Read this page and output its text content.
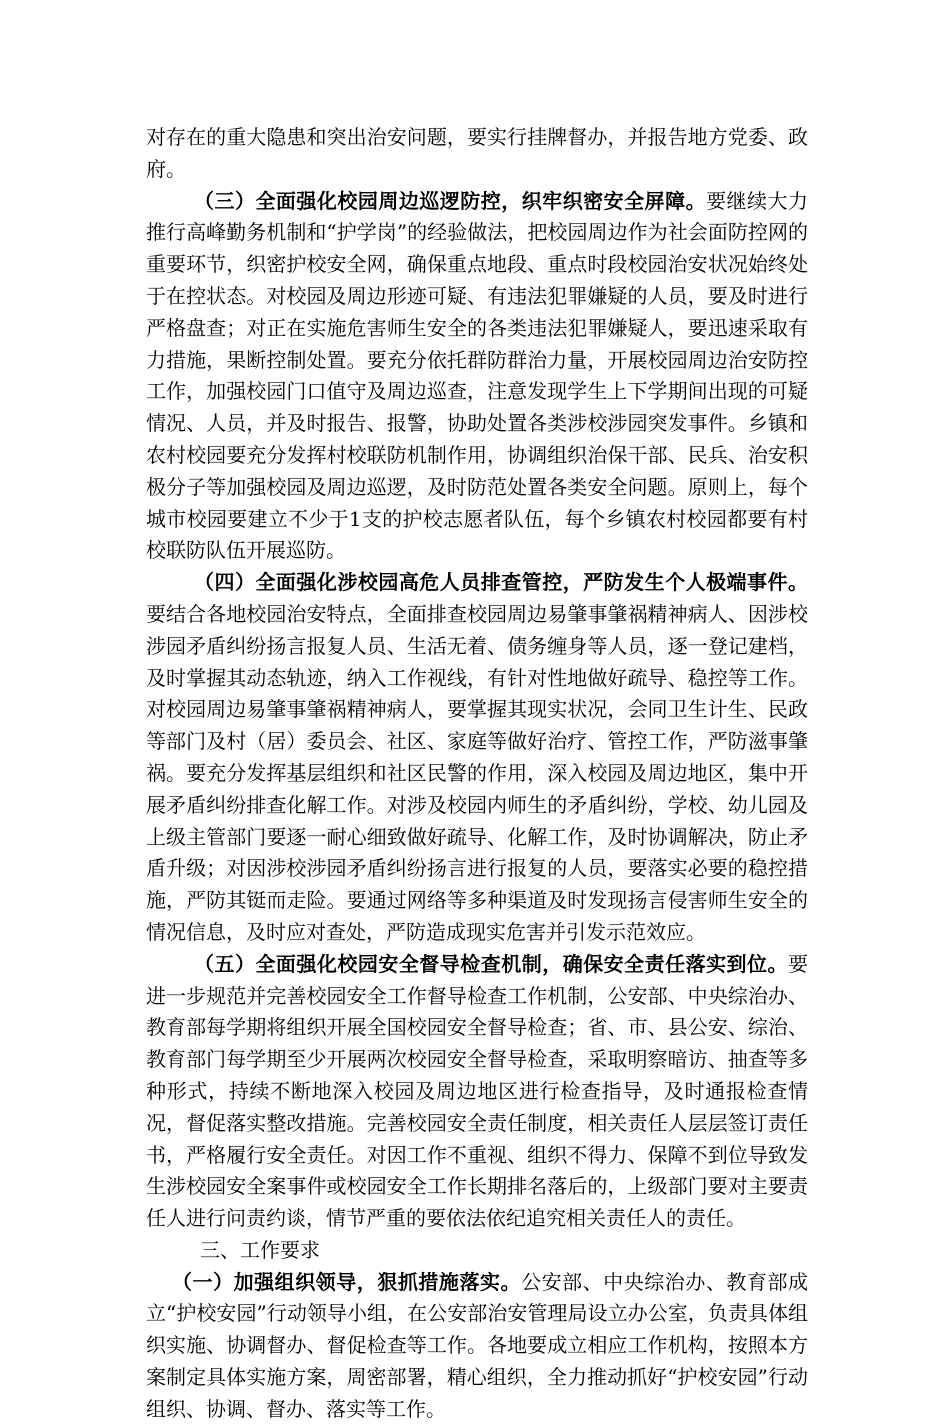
对存在的重大隐患和突出治安问题，要实行挂牌督办，并报告地方党委、政府。

（三）全面强化校园周边巡逻防控，织牢织密安全屏障。要继续大力推行高峰勤务机制和“护学岗”的经验做法，把校园周边作为社会面防控网的重要环节，织密护校安全网，确保重点地段、重点时段校园治安状况始终处于在控状态。对校园及周边形迹可疑、有违法犯罪嫌疑的人员，要及时进行严格盘查；对正在实施危害师生安全的各类违法犯罪嫌疑人，要迅速采取有力措施，果断控制处置。要充分依托群防群治力量，开展校园周边治安防控工作，加强校园门口值守及周边巡查，注意发现学生上下学期间出现的可疑情况、人员，并及时报告、报警，协助处置各类涉校涉园突发事件。乡镇和农村校园要充分发挥村校联防机制作用，协调组织治保干部、民兵、治安积极分子等加强校园及周边巡逻，及时防范处置各类安全问题。原则上，每个城市校园要建立不少于1支的护校志愿者队伍，每个乡镇农村校园都要有村校联防队伍开展巡防。

（四）全面强化涉校园高危人员排查管控，严防发生个人极端事件。要结合各地校园治安特点，全面排查校园周边易肇事肇祸精神病人、因涉校涉园矛盾纠纷扬言报复人员、生活无着、债务缠身等人员，逐一登记建档，及时掌握其动态轨迹，纳入工作视线，有针对性地做好疏导、稳控等工作。对校园周边易肇事肇祸精神病人，要掌握其现实状况，会同卫生计生、民政等部门及村（居）委员会、社区、家庭等做好治疗、管控工作，严防滋事肇祸。要充分发挥基层组织和社区民警的作用，深入校园及周边地区，集中开展矛盾纠纷排查化解工作。对涉及校园内师生的矛盾纠纷，学校、幼儿园及上级主管部门要逐一耐心细致做好疏导、化解工作，及时协调解决，防止矛盾升级；对因涉校涉园矛盾纠纷扬言进行报复的人员，要落实必要的稳控措施，严防其铤而走险。要通过网络等多种渠道及时发现扬言侵害师生安全的情况信息，及时应对查处，严防造成现实危害并引发示范效应。

（五）全面强化校园安全督导检查机制，确保安全责任落实到位。要进一步规范并完善校园安全工作督导检查工作机制，公安部、中央综治办、教育部每学期将组织开展全国校园安全督导检查；省、市、县公安、综治、教育部门每学期至少开展两次校园安全督导检查，采取明察暗访、抽查等多种形式，持续不断地深入校园及周边地区进行检查指导，及时通报检查情况，督促落实整改措施。完善校园安全责任制度，相关责任人层层签订责任书，严格履行安全责任。对因工作不重视、组织不得力、保障不到位导致发生涉校园安全案事件或校园安全工作长期排名落后的，上级部门要对主要责任人进行问责约谈，情节严重的要依法依纪追究相关责任人的责任。

三、工作要求

（一）加强组织领导，狠抓措施落实。公安部、中央综治办、教育部成立“护校安园”行动领导小组，在公安部治安管理局设立办公室，负责具体组织实施、协调督办、督促检查等工作。各地要成立相应工作机构，按照本方案制定具体实施方案，周密部署，精心组织，全力推动抓好“护校安园”行动组织、协调、督办、落实等工作。
